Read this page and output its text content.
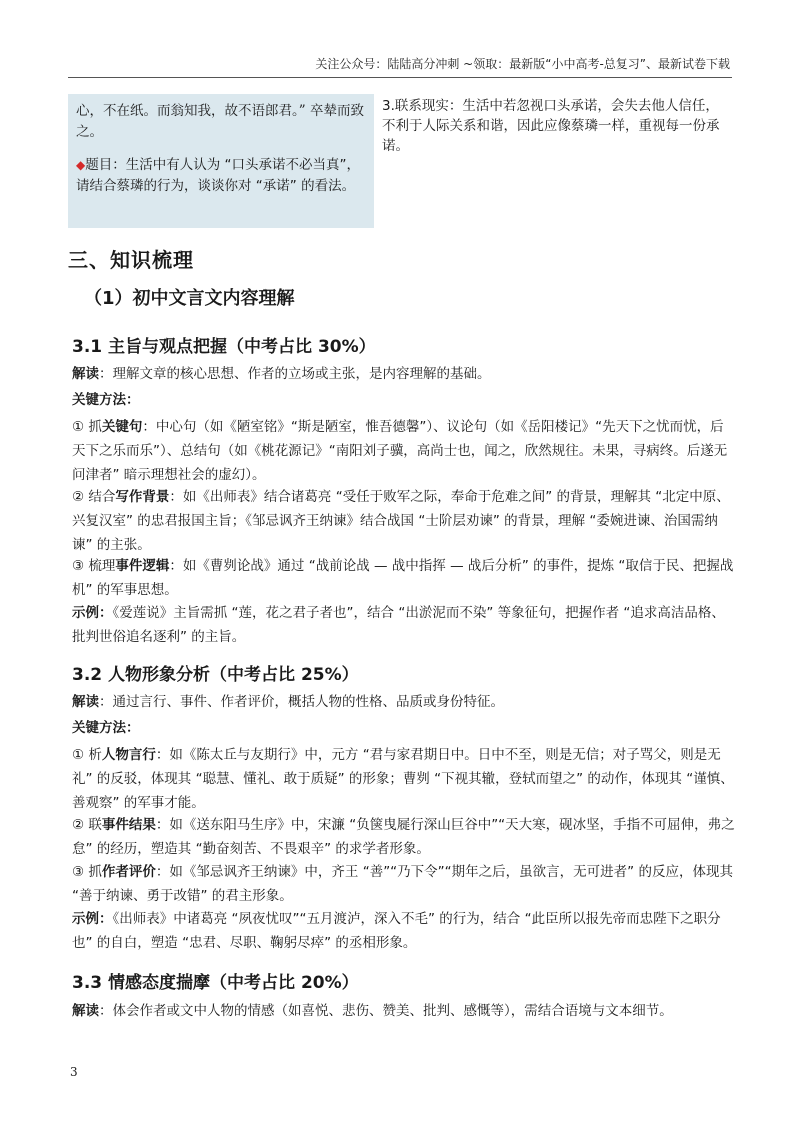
关注公众号：陆陆高分冲刺 ~领取：最新版“小中高考-总复习”、最新试卷下载
心，不在纸。而翁知我，故不语郎君。” 卒辇而致之。
◆题目：生活中有人认为 “口头承诺不必当真”，请结合蔡璘的行为，谈谈你对 “承诺” 的看法。
3.联系现实：生活中若忽视口头承诺，会失去他人信任，不利于人际关系和谐，因此应像蔡璘一样，重视每一份承诺。
三、知识梳理
（1）初中文言文内容理解
3.1 主旨与观点把握（中考占比 30%）
解读：理解文章的核心思想、作者的立场或主张，是内容理解的基础。
关键方法：
① 抓关键句：中心句（如《陋室铭》“斯是陋室，惟吾德馨”）、议论句（如《岳阳楼记》“先天下之忧而忧，后天下之乐而乐”）、总结句（如《桃花源记》“南阳刘子骥，高尚士也，闻之，欣然规往。未果，寻病终。后遂无问津者” 暗示理想社会的虚幻）。
② 结合写作背景：如《出师表》结合诸葛亮 “受任于败军之际，奉命于危难之间” 的背景，理解其 “北定中原、兴复汉室” 的忠君报国主旨；《邹忌讽齐王纳谏》结合战国 “士阶层劝谏” 的背景，理解 “委婉进谏、治国需纳谏” 的主张。
③ 梳理事件逻辑：如《曹刿论战》通过 “战前论战 — 战中指挥 — 战后分析” 的事件，提炼 “取信于民、把握战机” 的军事思想。
示例：《爱莲说》主旨需抓 “莲，花之君子者也”，结合 “出淤泥而不染” 等象征句，把握作者 “追求高洁品格、批判世俗追名逐利” 的主旨。
3.2 人物形象分析（中考占比 25%）
解读：通过言行、事件、作者评价，概括人物的性格、品质或身份特征。
关键方法：
① 析人物言行：如《陈太丘与友期行》中，元方 “君与家君期日中。日中不至，则是无信；对子骂父，则是无礼” 的反驳，体现其 “聪慧、懂礼、敢于质疑” 的形象；曹刿 “下视其辙，登轼而望之” 的动作，体现其 “谨慎、善观察” 的军事才能。
② 联事件结果：如《送东阳马生序》中，宋濂 “负箧曳屣行深山巨谷中”“天大寒，砚冰坚，手指不可屈伸，弗之怠” 的经历，塑造其 “勤奋刻苦、不畏艰辛” 的求学者形象。
③ 抓作者评价：如《邹忌讽齐王纳谏》中，齐王 “善”“乃下令”“期年之后，虽欲言，无可进者” 的反应，体现其 “善于纳谏、勇于改错” 的君主形象。
示例：《出师表》中诸葛亮 “夙夜忧叹”“五月渡泸，深入不毛” 的行为，结合 “此臣所以报先帝而忠陛下之职分也” 的自白，塑造 “忠君、尽职、鞠躬尽瘁” 的丞相形象。
3.3 情感态度揣摩（中考占比 20%）
解读：体会作者或文中人物的情感（如喜悦、悲伤、赞美、批判、感慨等），需结合语境与文本细节。
3
